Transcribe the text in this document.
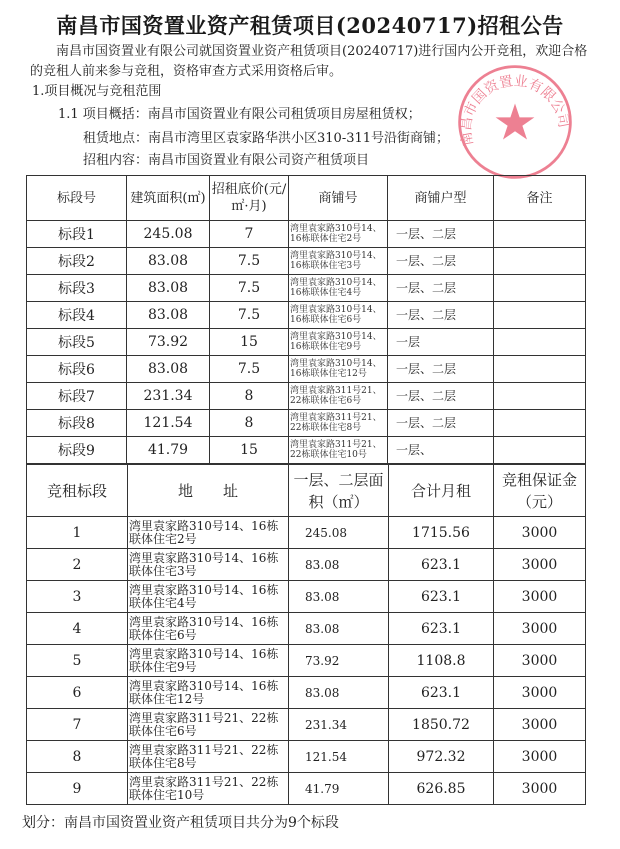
南昌市国资置业资产租赁项目(20240717)招租公告
南昌市国资置业有限公司就国资置业资产租赁项目(20240717)进行国内公开竞租，欢迎合格的竞租人前来参与竞租，资格审查方式采用资格后审。
1.项目概况与竞租范围
1.1 项目概括：南昌市国资置业有限公司租赁项目房屋租赁权；
租赁地点：南昌市湾里区袁家路华洪小区310-311号沿街商铺；
招租内容：南昌市国资置业有限公司资产租赁项目
南昌市国资置业有限公司
标段号	建筑面积(㎡)	招租底价(元/㎡·月)	商铺号	商铺户型	备注
标段1	245.08	7	湾里袁家路310号14、16栋联体住宅2号	一层、二层	
标段2	83.08	7.5	湾里袁家路310号14、16栋联体住宅3号	一层、二层	
标段3	83.08	7.5	湾里袁家路310号14、16栋联体住宅4号	一层、二层	
标段4	83.08	7.5	湾里袁家路310号14、16栋联体住宅6号	一层、二层	
标段5	73.92	15	湾里袁家路310号14、16栋联体住宅9号	一层	
标段6	83.08	7.5	湾里袁家路310号14、16栋联体住宅12号	一层、二层	
标段7	231.34	8	湾里袁家路311号21、22栋联体住宅6号	一层、二层	
标段8	121.54	8	湾里袁家路311号21、22栋联体住宅8号	一层、二层	
标段9	41.79	15	湾里袁家路311号21、22栋联体住宅10号	一层、	
竞租标段	地　　址	一层、二层面积（㎡）	合计月租	竞租保证金（元）
1	湾里袁家路310号14、16栋联体住宅2号	245.08	1715.56	3000
2	湾里袁家路310号14、16栋联体住宅3号	83.08	623.1	3000
3	湾里袁家路310号14、16栋联体住宅4号	83.08	623.1	3000
4	湾里袁家路310号14、16栋联体住宅6号	83.08	623.1	3000
5	湾里袁家路310号14、16栋联体住宅9号	73.92	1108.8	3000
6	湾里袁家路310号14、16栋联体住宅12号	83.08	623.1	3000
7	湾里袁家路311号21、22栋联体住宅6号	231.34	1850.72	3000
8	湾里袁家路311号21、22栋联体住宅8号	121.54	972.32	3000
9	湾里袁家路311号21、22栋联体住宅10号	41.79	626.85	3000
划分：南昌市国资置业资产租赁项目共分为9个标段
